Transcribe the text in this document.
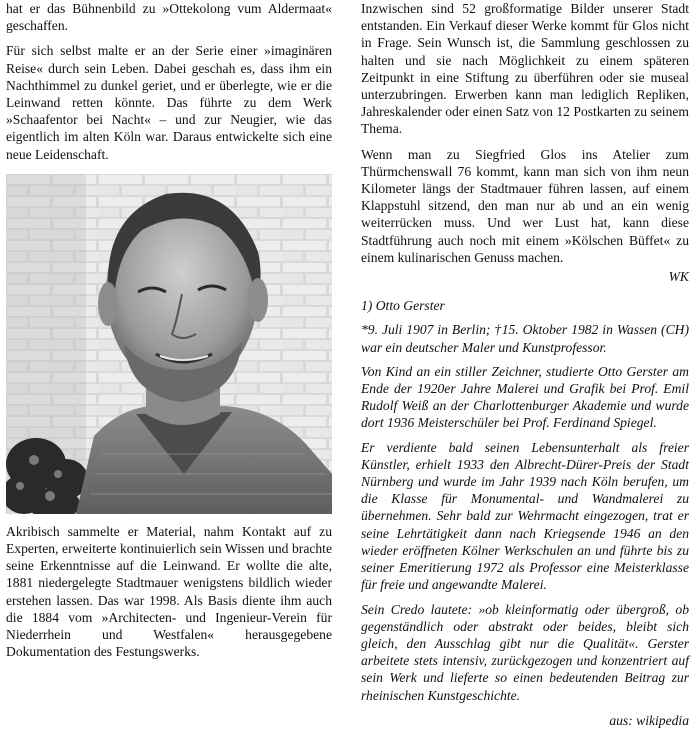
hat er das Bühnenbild zu »Ottekolong vum Aldermaat« geschaffen.

Für sich selbst malte er an der Serie einer »imaginären Reise« durch sein Leben. Dabei geschah es, dass ihm ein Nachthimmel zu dunkel geriet, und er überlegte, wie er die Leinwand retten könnte. Das führte zu dem Werk »Schaafentor bei Nacht« – und zur Neugier, wie das eigentlich im alten Köln war. Daraus entwickelte sich eine neue Leidenschaft.

Akribisch sammelte er Material, nahm Kontakt auf zu Experten, erweiterte kontinuierlich sein Wissen und brachte seine Erkenntnisse auf die Leinwand. Er wollte die alte, 1881 niedergelegte Stadtmauer wenigstens bildlich wieder erstehen lassen. Das war 1998. Als Basis diente ihm auch die 1884 vom »Architecten- und Ingenieur-Verein für Niederrhein und Westfalen« herausgegebene Dokumentation des Festungswerks.

Inzwischen sind 52 großformatige Bilder unserer Stadt entstanden. Ein Verkauf dieser Werke kommt für Glos nicht in Frage. Sein Wunsch ist, die Sammlung geschlossen zu halten und sie nach Möglichkeit zu einem späteren Zeitpunkt in eine Stiftung zu überführen oder sie museal unterzubringen. Erwerben kann man lediglich Repliken, Jahreskalender oder einen Satz von 12 Postkarten zu seinem Thema.

Wenn man zu Siegfried Glos ins Atelier zum Thürmchenswall 76 kommt, kann man sich von ihm neun Kilometer längs der Stadtmauer führen lassen, auf einem Klappstuhl sitzend, den man nur ab und an ein wenig weiterrücken muss. Und wer Lust hat, kann diese Stadtführung auch noch mit einem »Kölschen Büffet« zu einem kulinarischen Genuss machen.

WK

1) Otto Gerster

*9. Juli 1907 in Berlin; †15. Oktober 1982 in Wassen (CH) war ein deutscher Maler und Kunstprofessor.

Von Kind an ein stiller Zeichner, studierte Otto Gerster am Ende der 1920er Jahre Malerei und Grafik bei Prof. Emil Rudolf Weiß an der Charlottenburger Akademie und wurde dort 1936 Meisterschüler bei Prof. Ferdinand Spiegel.

Er verdiente bald seinen Lebensunterhalt als freier Künstler, erhielt 1933 den Albrecht-Dürer-Preis der Stadt Nürnberg und wurde im Jahr 1939 nach Köln berufen, um die Klasse für Monumental- und Wandmalerei zu übernehmen. Sehr bald zur Wehrmacht eingezogen, trat er seine Lehrtätigkeit dann nach Kriegsende 1946 an den wieder eröffneten Kölner Werkschulen an und führte bis zu seiner Emeritierung 1972 als Professor eine Meisterklasse für freie und angewandte Malerei.

Sein Credo lautete: »ob kleinformatig oder übergroß, ob gegenständlich oder abstrakt oder beides, bleibt sich gleich, den Ausschlag gibt nur die Qualität«. Gerster arbeitete stets intensiv, zurückgezogen und konzentriert auf sein Werk und lieferte so einen bedeutenden Beitrag zur rheinischen Kunstgeschichte.

aus: wikipedia
